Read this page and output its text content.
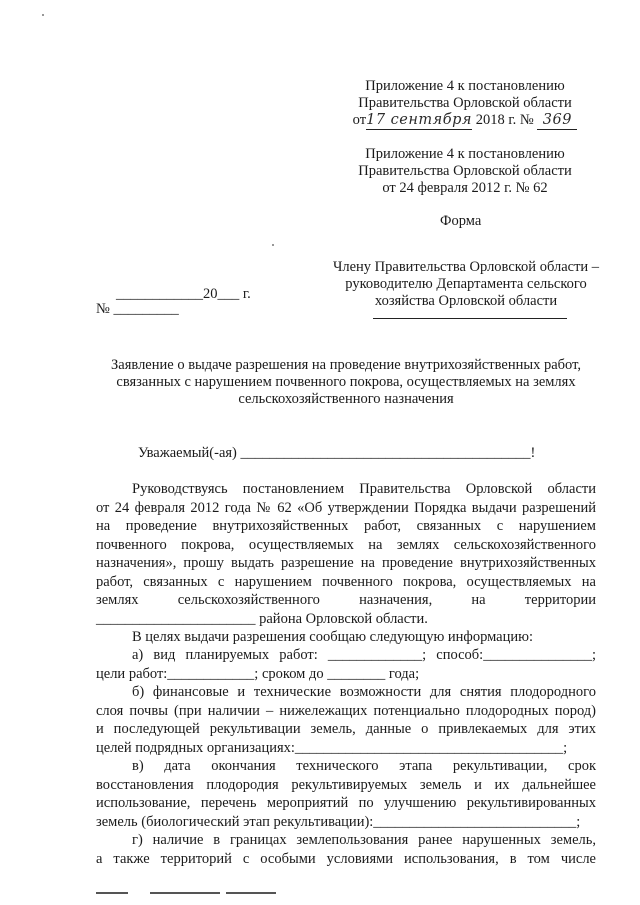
Приложение 4 к постановлению
Правительства Орловской области
от17 сентября 2018 г. № 369
Приложение 4 к постановлению
Правительства Орловской области
от 24 февраля 2012 г. № 62
Форма
Члену Правительства Орловской области –
руководителю Департамента сельского
хозяйства Орловской области
____________20___ г.
№ _________
Заявление о выдаче разрешения на проведение внутрихозяйственных работ,
связанных с нарушением почвенного покрова, осуществляемых на землях
сельскохозяйственного назначения
Уважаемый(-ая) ________________________________________!
Руководствуясь постановлением Правительства Орловской области
от 24 февраля 2012 года № 62 «Об утверждении Порядка выдачи разрешений
на проведение внутрихозяйственных работ, связанных с нарушением
почвенного покрова, осуществляемых на землях сельскохозяйственного
назначения», прошу выдать разрешение на проведение внутрихозяйственных
работ, связанных с нарушением почвенного покрова, осуществляемых на
землях сельскохозяйственного назначения, на территории
______________________ района Орловской области.
В целях выдачи разрешения сообщаю следующую информацию:
а) вид планируемых работ: _____________; способ:_______________;
цели работ:____________; сроком до ________ года;
б) финансовые и технические возможности для снятия плодородного
слоя почвы (при наличии – нижележащих потенциально плодородных пород)
и последующей рекультивации земель, данные о привлекаемых для этих
целей подрядных организациях:_____________________________________;
в) дата окончания технического этапа рекультивации, срок
восстановления плодородия рекультивируемых земель и их дальнейшее
использование, перечень мероприятий по улучшению рекультивированных
земель (биологический этап рекультивации):____________________________;
г) наличие в границах землепользования ранее нарушенных земель,
а также территорий с особыми условиями использования, в том числе
